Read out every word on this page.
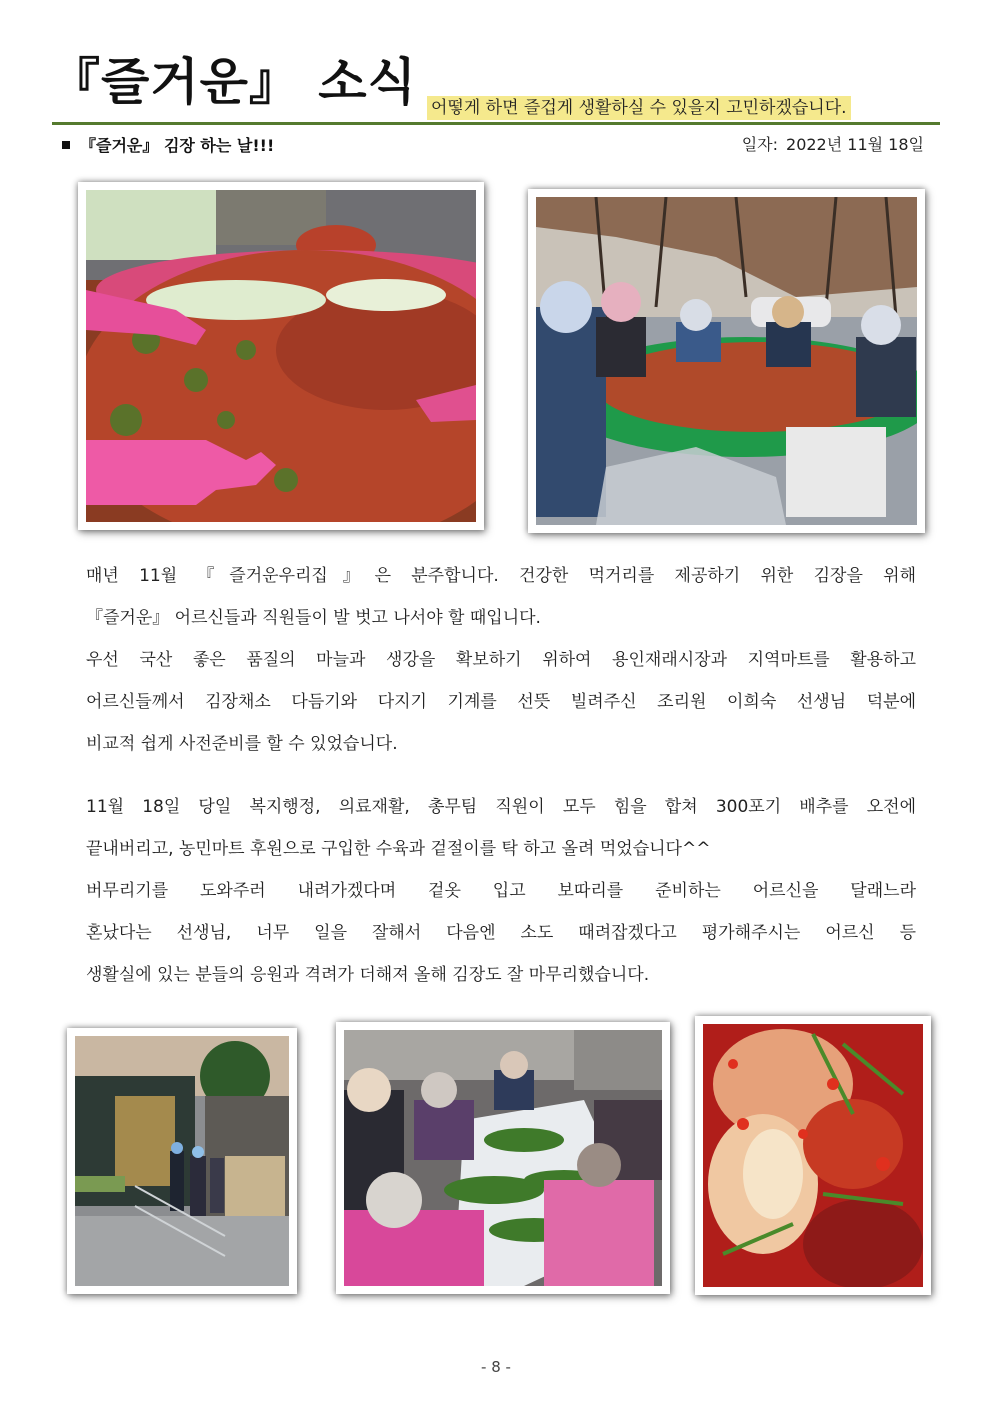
『즐거운』 소식 어떻게 하면 즐겁게 생활하실 수 있을지 고민하겠습니다.
『즐거운』 김장 하는 날!!!	일자: 2022년 11월 18일

매년 11월 『즐거운우리집』은 분주합니다. 건강한 먹거리를 제공하기 위한 김장을 위해

『즐거운』 어르신들과 직원들이 발 벗고 나서야 할 때입니다.

우선 국산 좋은 품질의 마늘과 생강을 확보하기 위하여 용인재래시장과 지역마트를 활용하고

어르신들께서 김장채소 다듬기와 다지기 기계를 선뜻 빌려주신 조리원 이희숙 선생님 덕분에

비교적 쉽게 사전준비를 할 수 있었습니다.

11월 18일 당일 복지행정, 의료재활, 총무팀 직원이 모두 힘을 합쳐 300포기 배추를 오전에

끝내버리고, 농민마트 후원으로 구입한 수육과 겉절이를 탁 하고 올려 먹었습니다^^

버무리기를 도와주러 내려가겠다며 겉옷 입고 보따리를 준비하는 어르신을 달래느라

혼났다는 선생님, 너무 일을 잘해서 다음엔 소도 때려잡겠다고 평가해주시는 어르신 등

생활실에 있는 분들의 응원과 격려가 더해져 올해 김장도 잘 마무리했습니다.

- 8 -
